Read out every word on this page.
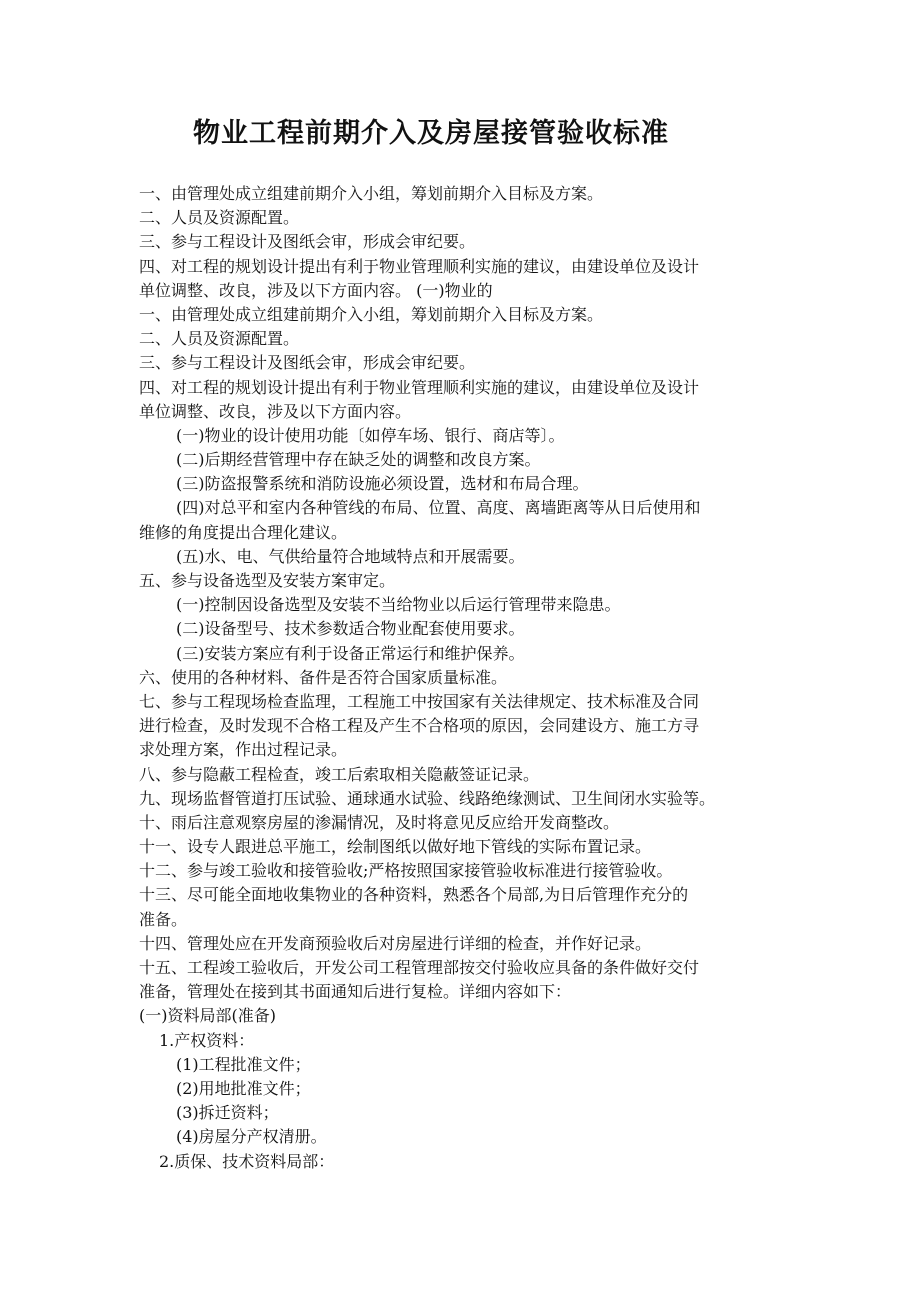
物业工程前期介入及房屋接管验收标准
一、由管理处成立组建前期介入小组，筹划前期介入目标及方案。
二、人员及资源配置。
三、参与工程设计及图纸会审，形成会审纪要。
四、对工程的规划设计提出有利于物业管理顺利实施的建议，由建设单位及设计
单位调整、改良，涉及以下方面内容。 (一)物业的
一、由管理处成立组建前期介入小组，筹划前期介入目标及方案。
二、人员及资源配置。
三、参与工程设计及图纸会审，形成会审纪要。
四、对工程的规划设计提出有利于物业管理顺利实施的建议，由建设单位及设计
单位调整、改良，涉及以下方面内容。
(一)物业的设计使用功能〔如停车场、银行、商店等〕。
(二)后期经营管理中存在缺乏处的调整和改良方案。
(三)防盗报警系统和消防设施必须设置，选材和布局合理。
(四)对总平和室内各种管线的布局、位置、高度、离墙距离等从日后使用和
维修的角度提出合理化建议。
(五)水、电、气供给量符合地域特点和开展需要。
五、参与设备选型及安装方案审定。
(一)控制因设备选型及安装不当给物业以后运行管理带来隐患。
(二)设备型号、技术参数适合物业配套使用要求。
(三)安装方案应有利于设备正常运行和维护保养。
六、使用的各种材料、备件是否符合国家质量标准。
七、参与工程现场检查监理，工程施工中按国家有关法律规定、技术标准及合同
进行检查，及时发现不合格工程及产生不合格项的原因，会同建设方、施工方寻
求处理方案，作出过程记录。
八、参与隐蔽工程检查，竣工后索取相关隐蔽签证记录。
九、现场监督管道打压试验、通球通水试验、线路绝缘测试、卫生间闭水实验等。
十、雨后注意观察房屋的渗漏情况，及时将意见反应给开发商整改。
十一、设专人跟进总平施工，绘制图纸以做好地下管线的实际布置记录。
十二、参与竣工验收和接管验收;严格按照国家接管验收标准进行接管验收。
十三、尽可能全面地收集物业的各种资料，熟悉各个局部,为日后管理作充分的
准备。
十四、管理处应在开发商预验收后对房屋进行详细的检查，并作好记录。
十五、工程竣工验收后，开发公司工程管理部按交付验收应具备的条件做好交付
准备，管理处在接到其书面通知后进行复检。详细内容如下：
(一)资料局部(准备)
1.产权资料：
(1)工程批准文件；
(2)用地批准文件；
(3)拆迁资料；
(4)房屋分产权清册。
2.质保、技术资料局部：
